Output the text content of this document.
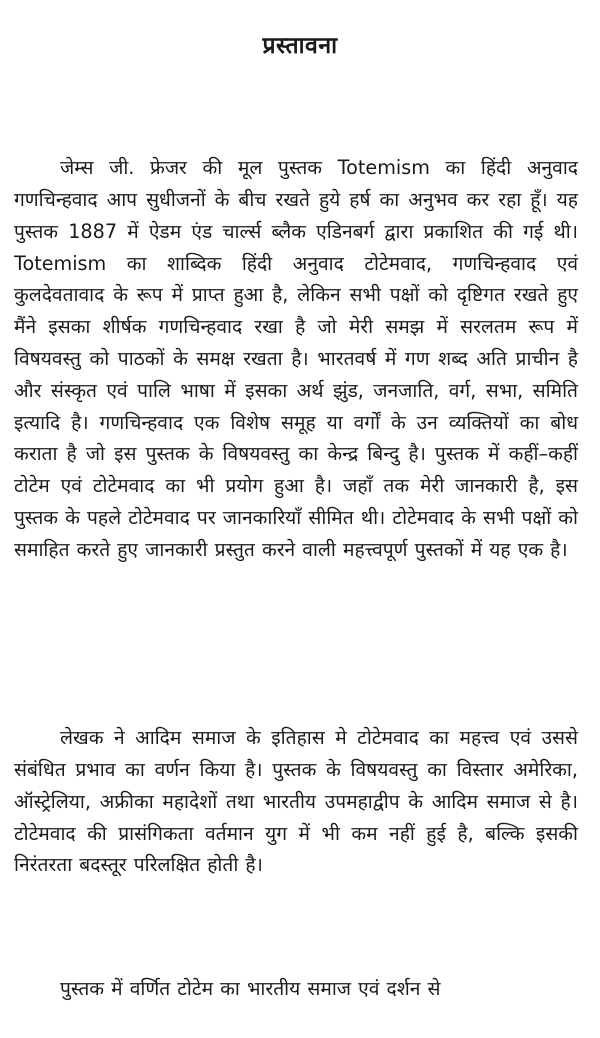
प्रस्तावना

जेम्स जी. फ्रेजर की मूल पुस्तक Totemism का हिंदी अनुवाद गणचिन्हवाद आप सुधीजनों के बीच रखते हुये हर्ष का अनुभव कर रहा हूँ। यह पुस्तक 1887 में ऐडम एंड चार्ल्स ब्लैक एडिनबर्ग द्वारा प्रकाशित की गई थी। Totemism का शाब्दिक हिंदी अनुवाद टोटेमवाद, गणचिन्हवाद एवं कुलदेवतावाद के रूप में प्राप्त हुआ है, लेकिन सभी पक्षों को दृष्टिगत रखते हुए मैंने इसका शीर्षक गणचिन्हवाद रखा है जो मेरी समझ में सरलतम रूप में विषयवस्तु को पाठकों के समक्ष रखता है। भारतवर्ष में गण शब्द अति प्राचीन है और संस्कृत एवं पालि भाषा में इसका अर्थ झुंड, जनजाति, वर्ग, सभा, समिति इत्यादि है। गणचिन्हवाद एक विशेष समूह या वर्गों के उन व्यक्तियों का बोध कराता है जो इस पुस्तक के विषयवस्तु का केन्द्र बिन्दु है। पुस्तक में कहीं–कहीं टोटेम एवं टोटेमवाद का भी प्रयोग हुआ है। जहाँ तक मेरी जानकारी है, इस पुस्तक के पहले टोटेमवाद पर जानकारियाँ सीमित थी। टोटेमवाद के सभी पक्षों को समाहित करते हुए जानकारी प्रस्तुत करने वाली महत्त्वपूर्ण पुस्तकों में यह एक है।

लेखक ने आदिम समाज के इतिहास मे टोटेमवाद का महत्त्व एवं उससे संबंधित प्रभाव का वर्णन किया है। पुस्तक के विषयवस्तु का विस्तार अमेरिका, ऑस्ट्रेलिया, अफ्रीका महादेशों तथा भारतीय उपमहाद्वीप के आदिम समाज से है। टोटेमवाद की प्रासंगिकता वर्तमान युग में भी कम नहीं हुई है, बल्कि इसकी निरंतरता बदस्तूर परिलक्षित होती है।

पुस्तक में वर्णित टोटेम का भारतीय समाज एवं दर्शन से
